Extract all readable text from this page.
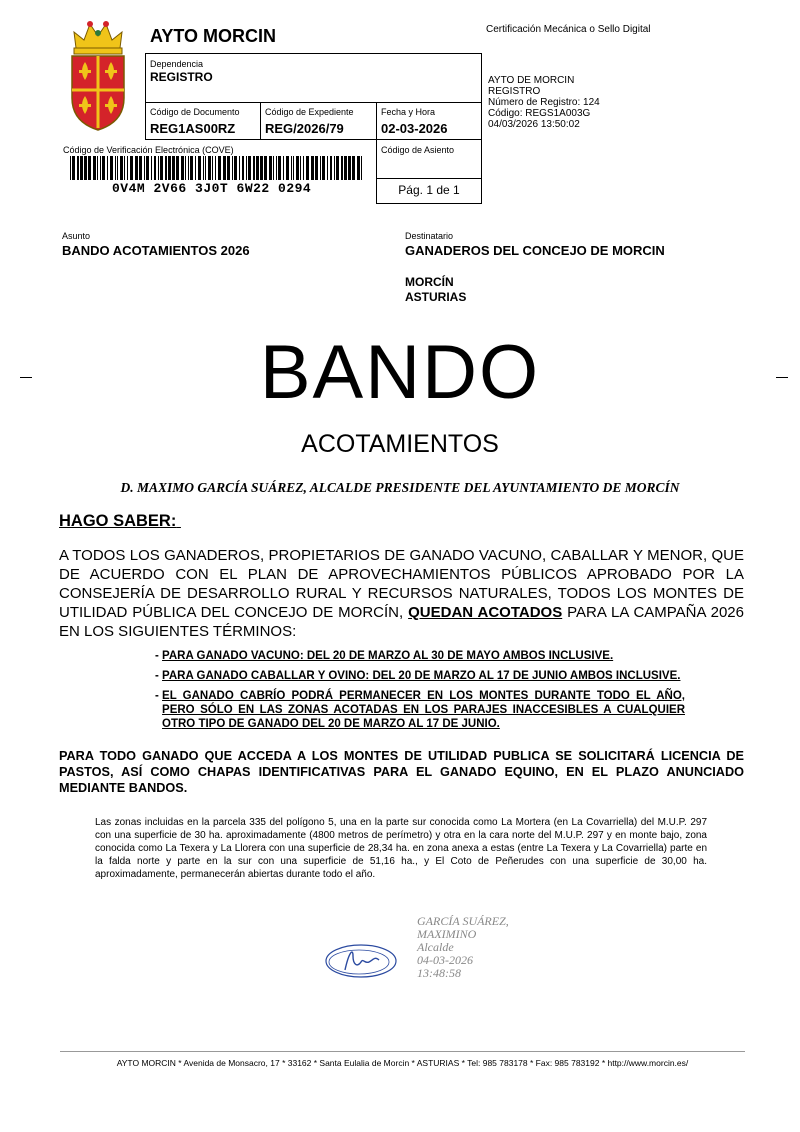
AYTO MORCIN	Certificación Mecánica o Sello Digital
Dependencia
REGISTRO
Código de Documento
REG1AS00RZ
Código de Expediente
REG/2026/79
Fecha y Hora
02-03-2026
Código de Asiento
Pág. 1 de 1
Código de Verificación Electrónica (COVE)
0V4M 2V66 3J0T 6W22 0294
AYTO DE MORCIN
REGISTRO
Número de Registro: 124
Código: REGS1A003G
04/03/2026 13:50:02
Asunto
BANDO ACOTAMIENTOS 2026
Destinatario
GANADEROS DEL CONCEJO DE MORCIN
MORCÍN
ASTURIAS
BANDO
ACOTAMIENTOS
D. MAXIMO GARCÍA SUÁREZ, ALCALDE PRESIDENTE DEL AYUNTAMIENTO DE MORCÍN
HAGO SABER:
A TODOS LOS GANADEROS, PROPIETARIOS DE GANADO VACUNO, CABALLAR Y MENOR, QUE DE ACUERDO CON EL PLAN DE APROVECHAMIENTOS PÚBLICOS APROBADO POR LA CONSEJERÍA DE DESARROLLO RURAL Y RECURSOS NATURALES, TODOS LOS MONTES DE UTILIDAD PÚBLICA DEL CONCEJO DE MORCÍN, QUEDAN ACOTADOS PARA LA CAMPAÑA 2026 EN LOS SIGUIENTES TÉRMINOS:
- PARA GANADO VACUNO: DEL 20 DE MARZO AL 30 DE MAYO AMBOS INCLUSIVE.
- PARA GANADO CABALLAR Y OVINO: DEL 20 DE MARZO AL 17 DE JUNIO AMBOS INCLUSIVE.
- EL GANADO CABRÍO PODRÁ PERMANECER EN LOS MONTES DURANTE TODO EL AÑO, PERO SÓLO EN LAS ZONAS ACOTADAS EN LOS PARAJES INACCESIBLES A CUALQUIER OTRO TIPO DE GANADO DEL 20 DE MARZO AL 17 DE JUNIO.
PARA TODO GANADO QUE ACCEDA A LOS MONTES DE UTILIDAD PUBLICA SE SOLICITARÁ LICENCIA DE PASTOS, ASÍ COMO CHAPAS IDENTIFICATIVAS PARA EL GANADO EQUINO, EN EL PLAZO ANUNCIADO MEDIANTE BANDOS.
Las zonas incluidas en la parcela 335 del polígono 5, una en la parte sur conocida como La Mortera (en La Covarriella) del M.U.P. 297 con una superficie de 30 ha. aproximadamente (4800 metros de perímetro) y otra en la cara norte del M.U.P. 297 y en monte bajo, zona conocida como La Texera y La Llorera con una superficie de 28,34 ha. en zona anexa a estas (entre La Texera y La Covarriella) parte en la falda norte y parte en la sur con una superficie de 51,16 ha., y El Coto de Peñerudes con una superficie de 30,00 ha. aproximadamente, permanecerán abiertas durante todo el año.
GARCÍA SUÁREZ,
MAXIMINO
Alcalde
04-03-2026
13:48:58
AYTO MORCIN * Avenida de Monsacro, 17 * 33162 * Santa Eulalia de Morcin * ASTURIAS * Tel: 985 783178 * Fax: 985 783192 * http://www.morcin.es/
